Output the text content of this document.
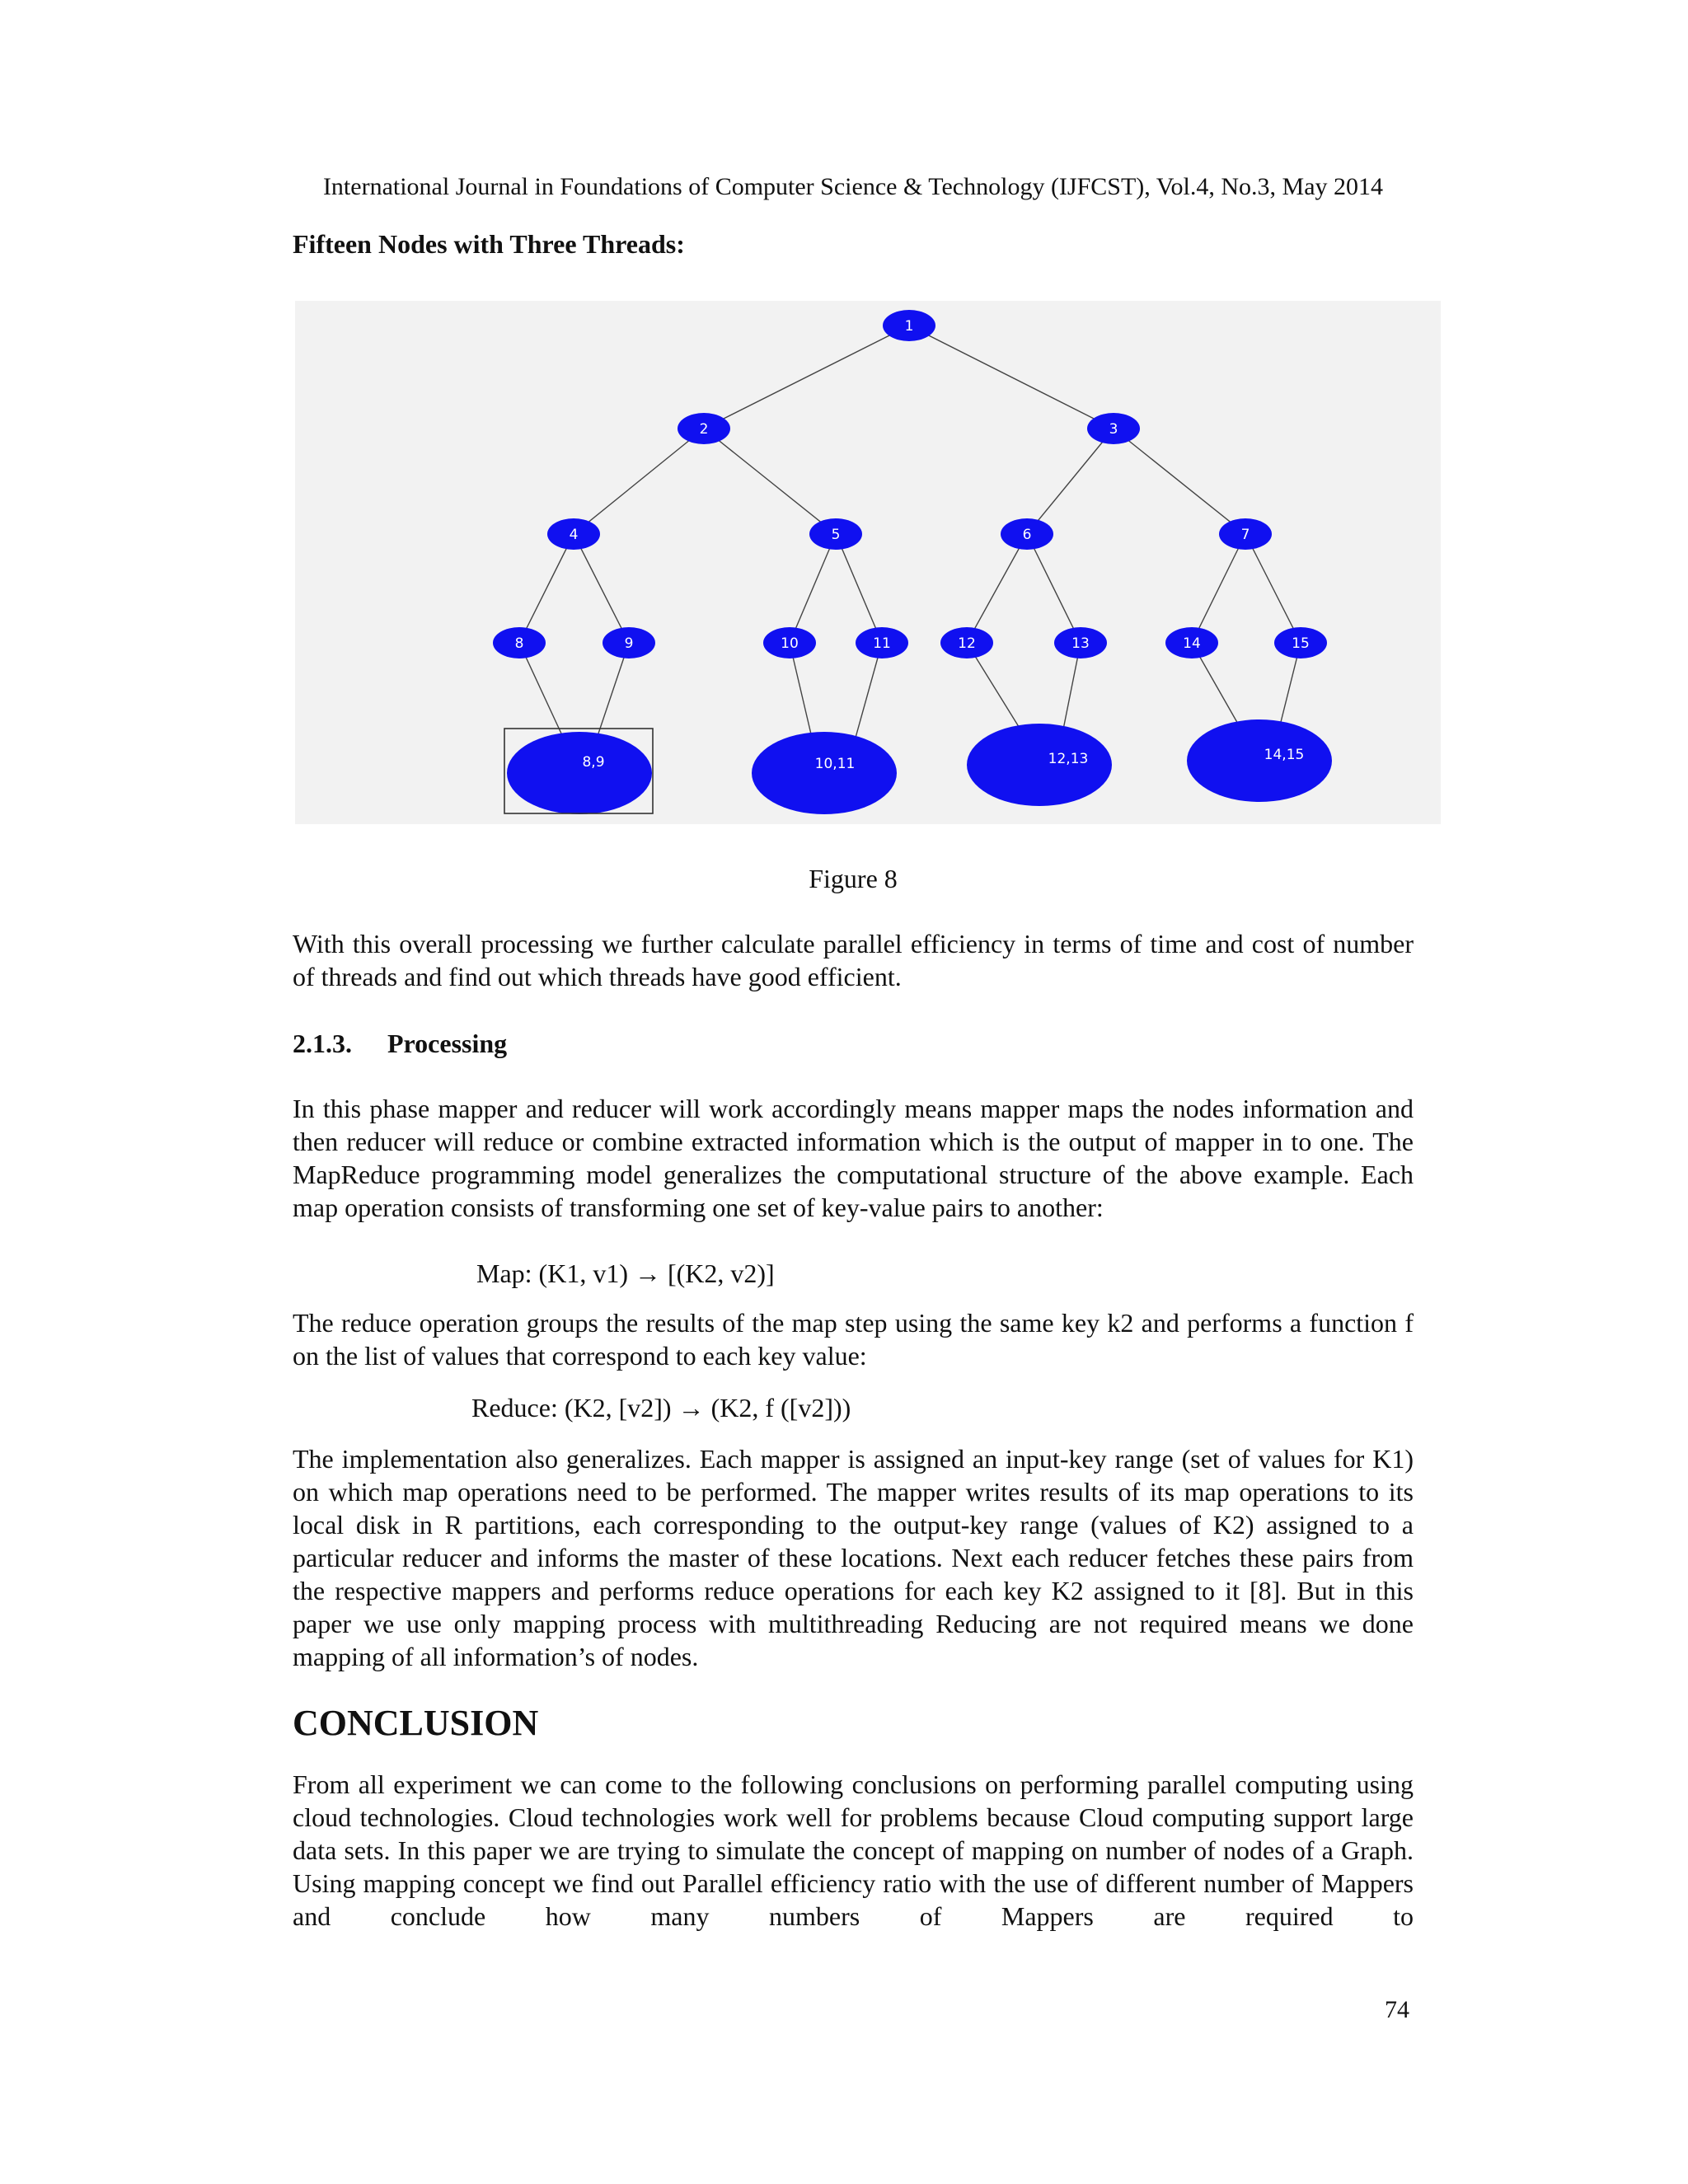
International Journal in Foundations of Computer Science & Technology (IJFCST), Vol.4, No.3, May 2014
Fifteen Nodes with Three Threads:
1
2	3
4	5	6	7
8	9	10	11	12	13	14	15
8,9	10,11	12,13	14,15
Figure 8
With this overall processing we further calculate parallel efficiency in terms of time and cost of number of threads and find out which threads have good efficient.
2.1.3. Processing
In this phase mapper and reducer will work accordingly means mapper maps the nodes information and then reducer will reduce or combine extracted information which is the output of mapper in to one. The MapReduce programming model generalizes the computational structure of the above example. Each map operation consists of transforming one set of key-value pairs to another:
Map: (K1, v1) → [(K2, v2)]
The reduce operation groups the results of the map step using the same key k2 and performs a function f on the list of values that correspond to each key value:
Reduce: (K2, [v2]) → (K2, f ([v2]))
The implementation also generalizes. Each mapper is assigned an input-key range (set of values for K1) on which map operations need to be performed. The mapper writes results of its map operations to its local disk in R partitions, each corresponding to the output-key range (values of K2) assigned to a particular reducer and informs the master of these locations. Next each reducer fetches these pairs from the respective mappers and performs reduce operations for each key K2 assigned to it [8]. But in this paper we use only mapping process with multithreading Reducing are not required means we done mapping of all information’s of nodes.
CONCLUSION
From all experiment we can come to the following conclusions on performing parallel computing using cloud technologies. Cloud technologies work well for problems because Cloud computing support large data sets. In this paper we are trying to simulate the concept of mapping on number of nodes of a Graph. Using mapping concept we find out Parallel efficiency ratio with the use of different number of Mappers and conclude how many numbers of Mappers are required to
74
